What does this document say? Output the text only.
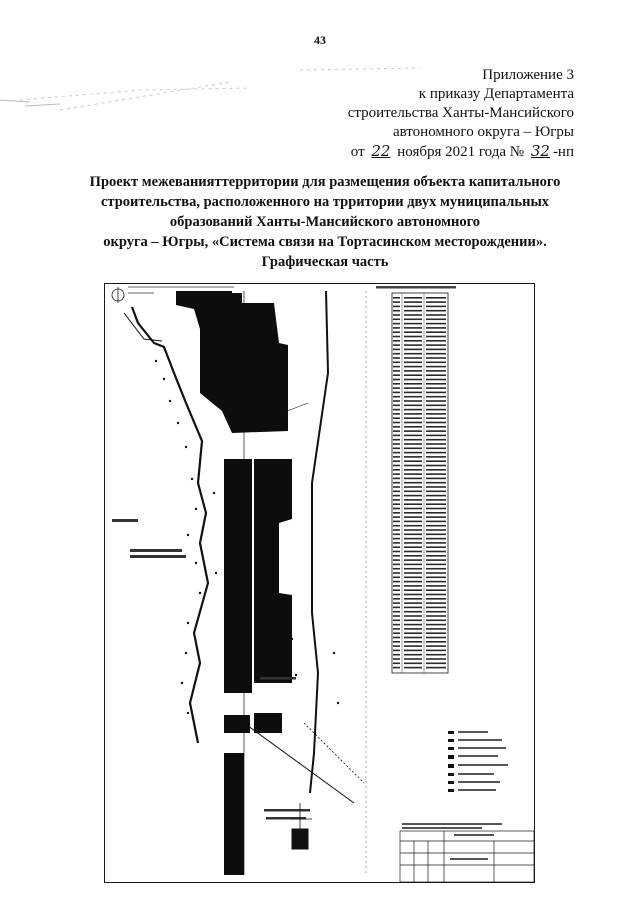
43
Приложение 3
к приказу Департамента
строительства Ханты-Мансийского
автономного округа – Югры
от 22 ноября 2021 года № 32 -нп
Проект межеванияттерритории для размещения объекта капитального
строительства, расположенного на трритории двух муниципальных
образований Ханты-Мансийского автономного
округа – Югры, «Система связи на Тортасинском месторождении».
Графическая часть
